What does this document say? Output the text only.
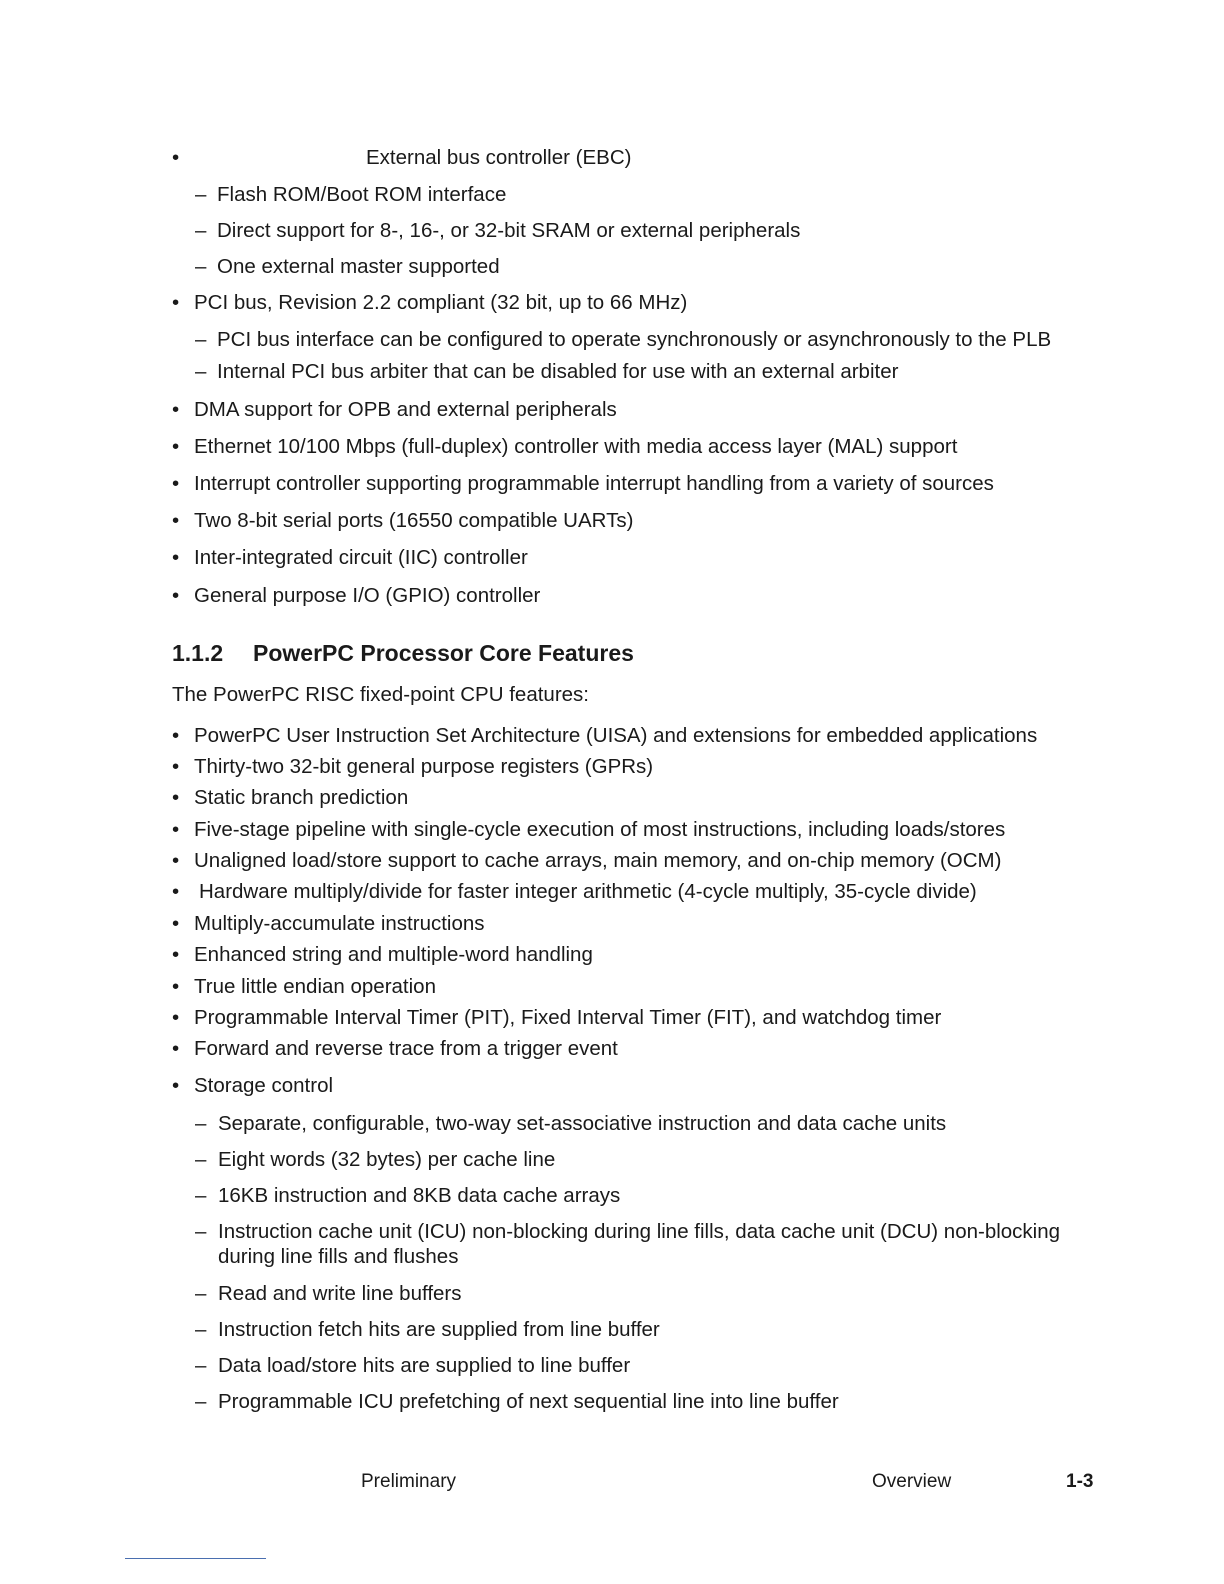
•	External bus controller (EBC)
– Flash ROM/Boot ROM interface
– Direct support for 8-, 16-, or 32-bit SRAM or external peripherals
– One external master supported
• PCI bus, Revision 2.2 compliant (32 bit, up to 66 MHz)
– PCI bus interface can be configured to operate synchronously or asynchronously to the PLB
– Internal PCI bus arbiter that can be disabled for use with an external arbiter
• DMA support for OPB and external peripherals
• Ethernet 10/100 Mbps (full-duplex) controller with media access layer (MAL) support
• Interrupt controller supporting programmable interrupt handling from a variety of sources
• Two 8-bit serial ports (16550 compatible UARTs)
• Inter-integrated circuit (IIC) controller
• General purpose I/O (GPIO) controller
1.1.2 PowerPC Processor Core Features
The PowerPC RISC fixed-point CPU features:
• PowerPC User Instruction Set Architecture (UISA) and extensions for embedded applications
• Thirty-two 32-bit general purpose registers (GPRs)
• Static branch prediction
• Five-stage pipeline with single-cycle execution of most instructions, including loads/stores
• Unaligned load/store support to cache arrays, main memory, and on-chip memory (OCM)
• Hardware multiply/divide for faster integer arithmetic (4-cycle multiply, 35-cycle divide)
• Multiply-accumulate instructions
• Enhanced string and multiple-word handling
• True little endian operation
• Programmable Interval Timer (PIT), Fixed Interval Timer (FIT), and watchdog timer
• Forward and reverse trace from a trigger event
• Storage control
– Separate, configurable, two-way set-associative instruction and data cache units
– Eight words (32 bytes) per cache line
– 16KB instruction and 8KB data cache arrays
– Instruction cache unit (ICU) non-blocking during line fills, data cache unit (DCU) non-blocking
during line fills and flushes
– Read and write line buffers
– Instruction fetch hits are supplied from line buffer
– Data load/store hits are supplied to line buffer
– Programmable ICU prefetching of next sequential line into line buffer
Preliminary	Overview	1-3
